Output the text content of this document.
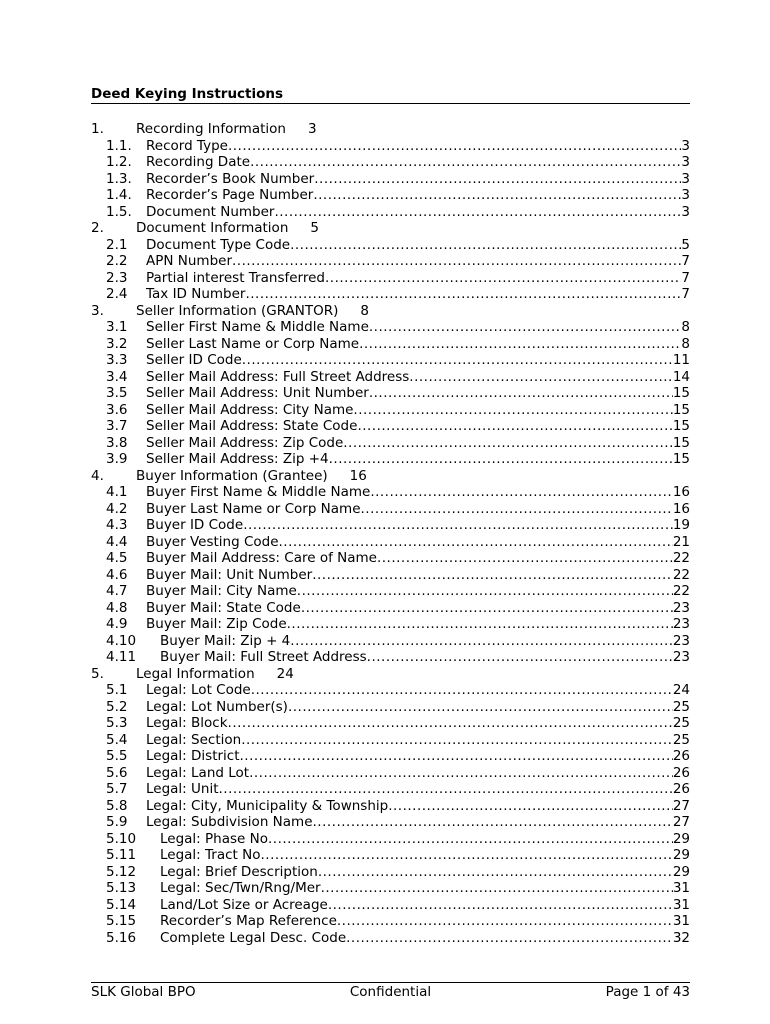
Deed Keying Instructions
1. Recording Information 3
1.1.	Record Type .....	3
1.2.	Recording Date .....	3
1.3.	Recorder’s Book Number .....	3
1.4.	Recorder’s Page Number .....	3
1.5.	Document Number .....	3
2. Document Information 5
2.1	Document Type Code .....	5
2.2	APN Number .....	7
2.3	Partial interest Transferred .....	7
2.4	Tax ID Number .....	7
3. Seller Information (GRANTOR) 8
3.1	Seller First Name & Middle Name .....	8
3.2	Seller Last Name or Corp Name .....	8
3.3	Seller ID Code .....	11
3.4	Seller Mail Address: Full Street Address .....	14
3.5	Seller Mail Address: Unit Number .....	15
3.6	Seller Mail Address: City Name .....	15
3.7	Seller Mail Address: State Code .....	15
3.8	Seller Mail Address: Zip Code .....	15
3.9	Seller Mail Address: Zip +4 .....	15
4. Buyer Information (Grantee) 16
4.1	Buyer First Name & Middle Name .....	16
4.2	Buyer Last Name or Corp Name .....	16
4.3	Buyer ID Code .....	19
4.4	Buyer Vesting Code .....	21
4.5	Buyer Mail Address: Care of Name .....	22
4.6	Buyer Mail: Unit Number .....	22
4.7	Buyer Mail: City Name .....	22
4.8	Buyer Mail: State Code .....	23
4.9	Buyer Mail: Zip Code .....	23
4.10	Buyer Mail: Zip + 4 .....	23
4.11	Buyer Mail: Full Street Address .....	23
5. Legal Information 24
5.1	Legal: Lot Code .....	24
5.2	Legal: Lot Number(s) .....	25
5.3	Legal: Block .....	25
5.4	Legal: Section .....	25
5.5	Legal: District .....	26
5.6	Legal: Land Lot .....	26
5.7	Legal: Unit .....	26
5.8	Legal: City, Municipality & Township .....	27
5.9	Legal: Subdivision Name .....	27
5.10	Legal: Phase No .....	29
5.11	Legal: Tract No .....	29
5.12	Legal: Brief Description .....	29
5.13	Legal: Sec/Twn/Rng/Mer .....	31
5.14	Land/Lot Size or Acreage .....	31
5.15	Recorder’s Map Reference .....	31
5.16	Complete Legal Desc. Code .....	32
SLK Global BPO	Confidential	Page 1 of 43
